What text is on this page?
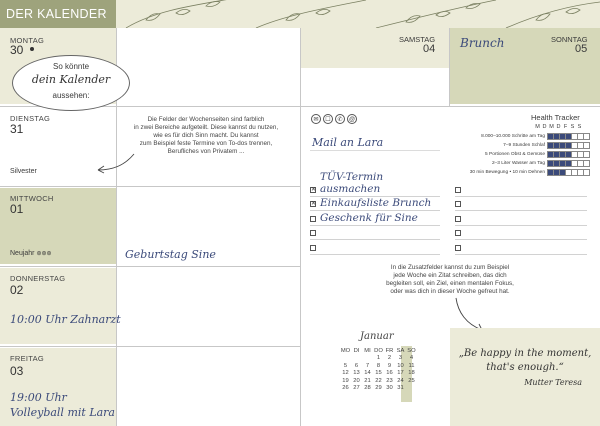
DER KALENDER
MONTAG
30
So könnte
dein Kalender
aussehen:
DIENSTAG
31
Silvester
Die Felder der Wochenseiten sind farblich
in zwei Bereiche aufgeteilt. Diese kannst du nutzen,
wie es für dich Sinn macht. Du kannst
zum Beispiel feste Termine von To-dos trennen,
Berufliches von Privatem ...
MITTWOCH
01
Neujahr ⊛⊛⊛	Geburtstag Sine
DONNERSTAG
02
10:00 Uhr Zahnarzt
FREITAG
03
19:00 Uhr
Volleyball mit Lara
SAMSTAG
04
SONNTAG
05
Brunch
✉	☐	✆	@
Mail an Lara
Health Tracker
M D M D F S S
8.000–10.000 Schritte am Tag
7–9 Stunden Schlaf
5 Portionen Obst & Gemüse
2–3 Liter Wasser am Tag
30 min Bewegung • 10 min Dehnen
✕
TÜV-Termin ausmachen
✕ Einkaufsliste Brunch
Geschenk für Sine
In die Zusatzfelder kannst du zum Beispiel
jede Woche ein Zitat schreiben, das dich
begleiten soll, ein Ziel, einen mentalen Fokus,
oder was dich in dieser Woche gefreut hat.
„Be happy in the moment,
that's enough.“
Mutter Teresa
Januar
MO	DI	MI	DO	FR	SA	SO
			1	2	3	4
5	6	7	8	9	10	11
12	13	14	15	16	17	18
19	20	21	22	23	24	25
26	27	28	29	30	31	
